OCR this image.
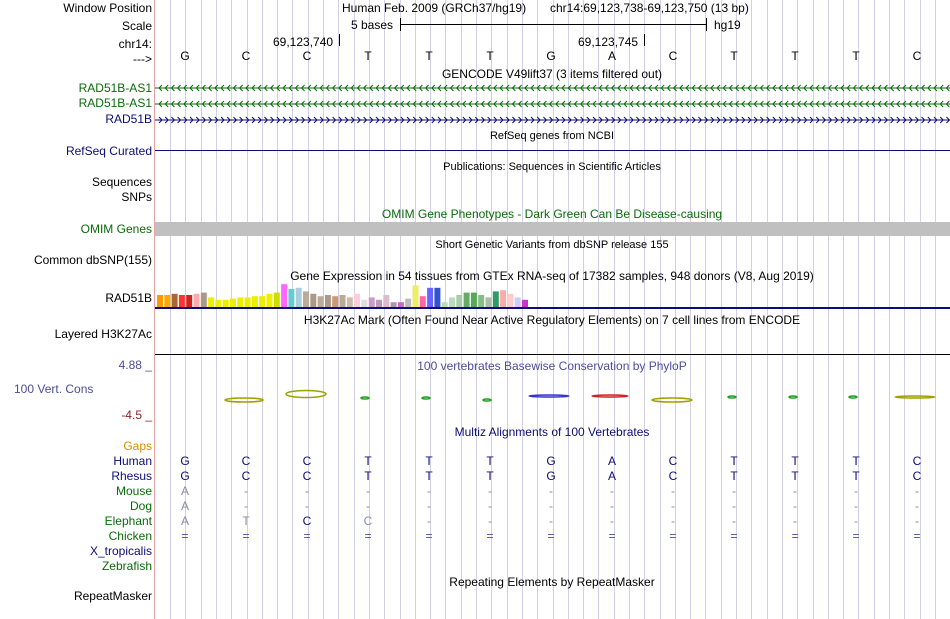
Window Position	Human Feb. 2009 (GRCh37/hg19) chr14:69,123,738-69,123,750 (13 bp)
Scale	5 bases	hg19
chr14:	69,123,740	69,123,745
--->	G	C	C	T	T	T	G	A	C	T	T	T	C
GENCODE V49lift37 (3 items filtered out)
RAD51B-AS1
RAD51B-AS1
RAD51B
RefSeq genes from NCBI
RefSeq Curated
Publications: Sequences in Scientific Articles
Sequences
SNPs
OMIM Gene Phenotypes - Dark Green Can Be Disease-causing
OMIM Genes
Short Genetic Variants from dbSNP release 155
Common dbSNP(155)
Gene Expression in 54 tissues from GTEx RNA-seq of 17382 samples, 948 donors (V8, Aug 2019)
RAD51B
H3K27Ac Mark (Often Found Near Active Regulatory Elements) on 7 cell lines from ENCODE
Layered H3K27Ac
100 vertebrates Basewise Conservation by PhyloP
4.88 _
100 Vert. Cons
-4.5 _
Multiz Alignments of 100 Vertebrates
Gaps
Human	G	C	C	T	T	T	G	A	C	T	T	T	C
Rhesus	G	C	C	T	T	T	G	A	C	T	T	T	C
Mouse	A	-	-	-	-	-	-	-	-	-	-	-	-
Dog	A	-	-	-	-	-	-	-	-	-	-	-	-
Elephant	A	T	C	C	-	-	-	-	-	-	-	-	-
Chicken	=	=	=	=	=	=	=	=	=	=	=	=	=
X_tropicalis
Zebrafish
Repeating Elements by RepeatMasker
RepeatMasker
